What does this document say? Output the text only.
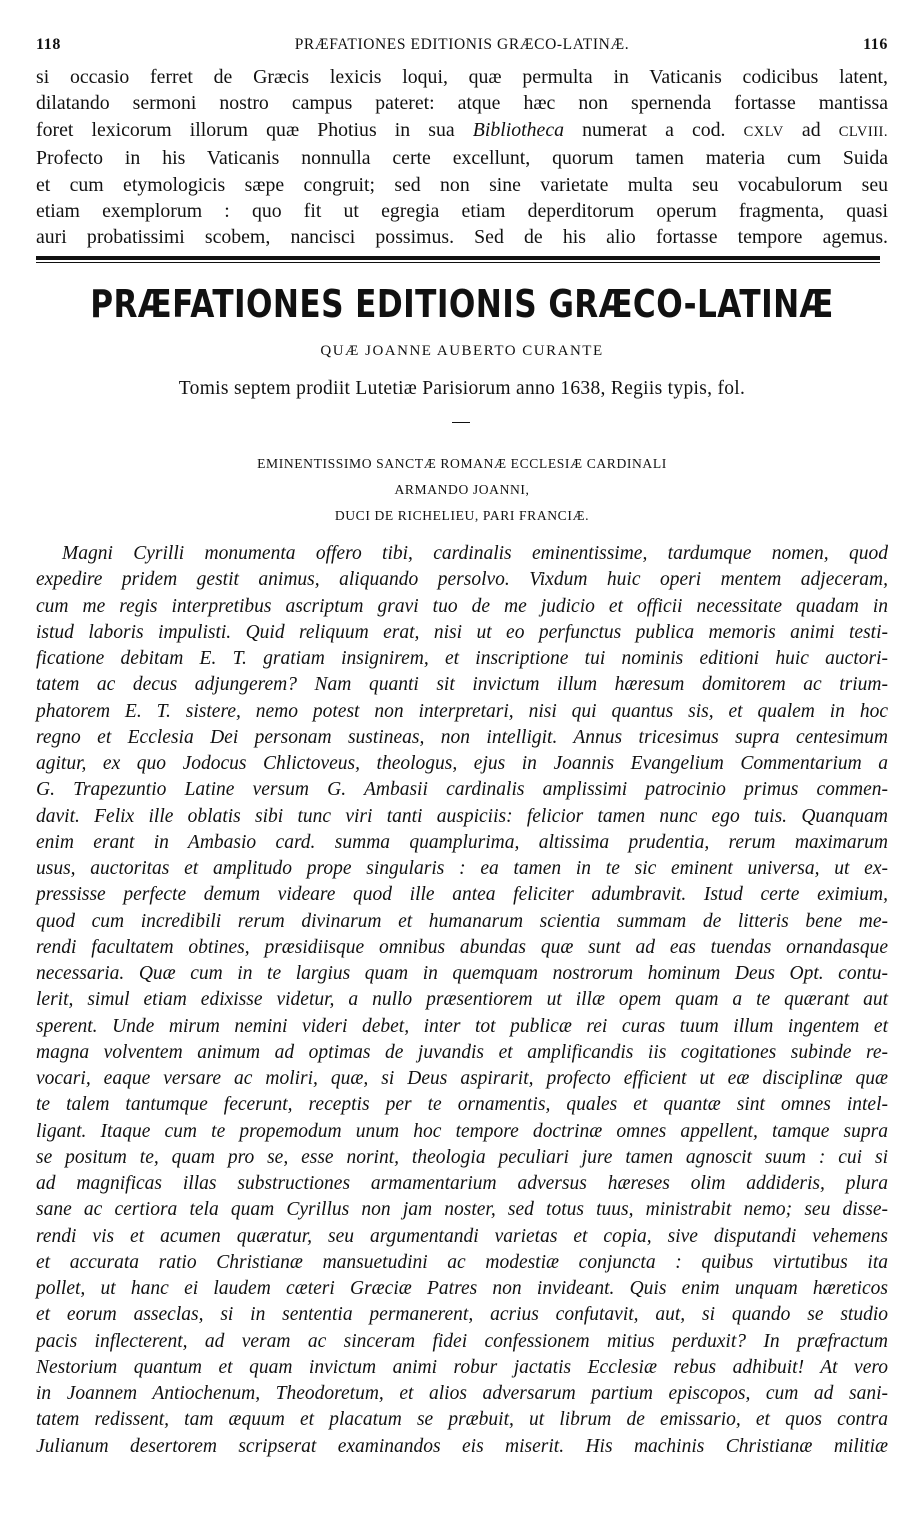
118	PRÆFATIONES EDITIONIS GRÆCO-LATINÆ.	116
si occasio ferret de Græcis lexicis loqui, quæ permulta in Vaticanis codicibus latent,
dilatando sermoni nostro campus pateret: atque hæc non spernenda fortasse mantissa
foret lexicorum illorum quæ Photius in sua Bibliotheca numerat a cod. CXLV ad CLVIII.
Profecto in his Vaticanis nonnulla certe excellunt, quorum tamen materia cum Suida
et cum etymologicis sæpe congruit; sed non sine varietate multa seu vocabulorum seu
etiam exemplorum : quo fit ut egregia etiam deperditorum operum fragmenta, quasi
auri probatissimi scobem, nancisci possimus. Sed de his alio fortasse tempore agemus.
PRÆFATIONES EDITIONIS GRÆCO-LATINÆ
QUÆ JOANNE AUBERTO CURANTE
Tomis septem prodiit Lutetiæ Parisiorum anno 1638, Regiis typis, fol.
EMINENTISSIMO SANCTÆ ROMANÆ ECCLESIÆ CARDINALI
ARMANDO JOANNI,
DUCI DE RICHELIEU, PARI FRANCIÆ.
Magni Cyrilli monumenta offero tibi, cardinalis eminentissime, tardumque nomen, quod
expedire pridem gestit animus, aliquando persolvo. Vixdum huic operi mentem adjeceram,
cum me regis interpretibus ascriptum gravi tuo de me judicio et officii necessitate quadam in
istud laboris impulisti. Quid reliquum erat, nisi ut eo perfunctus publica memoris animi testi-
ficatione debitam E. T. gratiam insignirem, et inscriptione tui nominis editioni huic auctori-
tatem ac decus adjungerem? Nam quanti sit invictum illum hæresum domitorem ac trium-
phatorem E. T. sistere, nemo potest non interpretari, nisi qui quantus sis, et qualem in hoc
regno et Ecclesia Dei personam sustineas, non intelligit. Annus tricesimus supra centesimum
agitur, ex quo Jodocus Chlictoveus, theologus, ejus in Joannis Evangelium Commentarium a
G. Trapezuntio Latine versum G. Ambasii cardinalis amplissimi patrocinio primus commen-
davit. Felix ille oblatis sibi tunc viri tanti auspiciis: felicior tamen nunc ego tuis. Quanquam
enim erant in Ambasio card. summa quamplurima, altissima prudentia, rerum maximarum
usus, auctoritas et amplitudo prope singularis : ea tamen in te sic eminent universa, ut ex-
pressisse perfecte demum videare quod ille antea feliciter adumbravit. Istud certe eximium,
quod cum incredibili rerum divinarum et humanarum scientia summam de litteris bene me-
rendi facultatem obtines, præsidiisque omnibus abundas quæ sunt ad eas tuendas ornandasque
necessaria. Quæ cum in te largius quam in quemquam nostrorum hominum Deus Opt. contu-
lerit, simul etiam edixisse videtur, a nullo præsentiorem ut illæ opem quam a te quærant aut
sperent. Unde mirum nemini videri debet, inter tot publicæ rei curas tuum illum ingentem et
magna volventem animum ad optimas de juvandis et amplificandis iis cogitationes subinde re-
vocari, eaque versare ac moliri, quæ, si Deus aspirarit, profecto efficient ut eæ disciplinæ quæ
te talem tantumque fecerunt, receptis per te ornamentis, quales et quantæ sint omnes intel-
ligant. Itaque cum te propemodum unum hoc tempore doctrinæ omnes appellent, tamque supra
se positum te, quam pro se, esse norint, theologia peculiari jure tamen agnoscit suum : cui si
ad magnificas illas substructiones armamentarium adversus hæreses olim addideris, plura
sane ac certiora tela quam Cyrillus non jam noster, sed totus tuus, ministrabit nemo; seu disse-
rendi vis et acumen quæratur, seu argumentandi varietas et copia, sive disputandi vehemens
et accurata ratio Christianæ mansuetudini ac modestiæ conjuncta : quibus virtutibus ita
pollet, ut hanc ei laudem cæteri Græciæ Patres non invideant. Quis enim unquam hæreticos
et eorum asseclas, si in sententia permanerent, acrius confutavit, aut, si quando se studio
pacis inflecterent, ad veram ac sinceram fidei confessionem mitius perduxit? In præfractum
Nestorium quantum et quam invictum animi robur jactatis Ecclesiæ rebus adhibuit! At vero
in Joannem Antiochenum, Theodoretum, et alios adversarum partium episcopos, cum ad sani-
tatem redissent, tam æquum et placatum se præbuit, ut librum de emissario, et quos contra
Julianum desertorem scripserat examinandos eis miserit. His machinis Christianæ militiæ
